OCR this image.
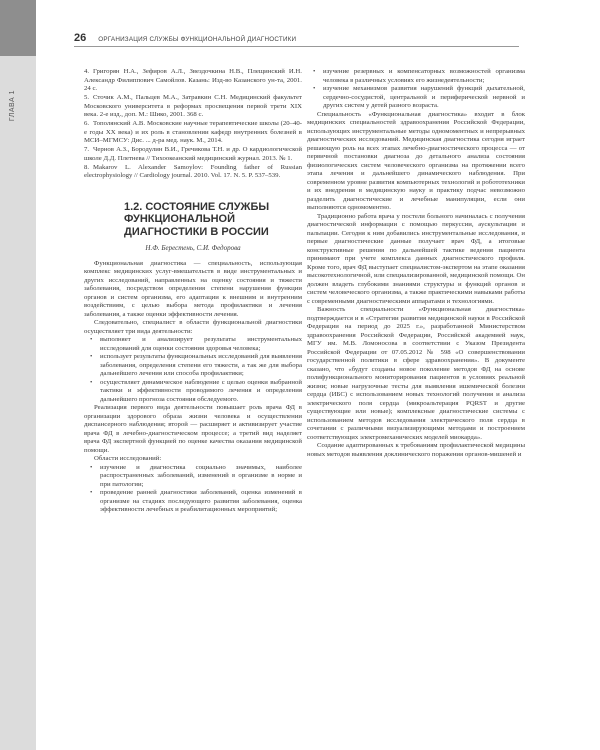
ГЛАВА 1
26 ОРГАНИЗАЦИЯ СЛУЖБЫ ФУНКЦИОНАЛЬНОЙ ДИАГНОСТИКИ
4. Григорян Н.А., Зефиров А.Л., Звездочкина Н.В., Плещинский И.Н. Александр Филиппович Самойлов. Казань: Изд-во Казанского ун-та, 2001. 24 с.
5. Сточик А.М., Пальцев М.А., Затравкин С.Н. Медицинский факультет Московского университета в реформах просвещения первой трети XIX века. 2-е изд., доп. М.: Шико, 2001. 368 с.
6. Тополянский А.В. Московские научные терапевтические школы (20–40-е годы XX века) и их роль в становлении кафедр внутренних болезней в МСИ–МГМСУ: Дис. ... д-ра мед. наук. М., 2014.
7. Чернов А.З., Бородулин В.И., Гречикова Т.Н. и др. О кардиологической школе Д.Д. Плетнева // Тихоокеанский медицинский журнал. 2013. № 1.
8. Makarov L. Alexander Samoylov: Founding father of Russian electrophysiology // Cardiology journal. 2010. Vol. 17. N. 5. P. 537–539.
1.2. СОСТОЯНИЕ СЛУЖБЫ ФУНКЦИОНАЛЬНОЙ ДИАГНОСТИКИ В РОССИИ
Н.Ф. Берестень, С.И. Федорова

Функциональная диагностика — специальность, использующая комплекс медицинских услуг-вмешательств в виде инструментальных и других исследований, направленных на оценку состояния и тяжести заболевания, посредством определения степени нарушения функции органов и систем организма, его адаптации к внешним и внутренним воздействиям, с целью выбора метода профилактики и лечения заболевания, а также оценки эффективности лечения.

Следовательно, специалист в области функциональной диагностики осуществляет три вида деятельности:

• выполняет и анализирует результаты инструментальных исследований для оценки состояния здоровья человека;
• использует результаты функциональных исследований для выявления заболевания, определения степени его тяжести, а так же для выбора дальнейшего лечения или способа профилактики;
• осуществляет динамическое наблюдение с целью оценки выбранной тактики и эффективности проводимого лечения и определения дальнейшего прогноза состояния обследуемого.

Реализация первого вида деятельности повышает роль врача ФД в организации здорового образа жизни человека и осуществлении диспансерного наблюдения; второй — расширяет и активизирует участие врача ФД в лечебно-диагностическом процессе; а третий вид наделяет врача ФД экспертной функцией по оценке качества оказания медицинской помощи.

Области исследований:

• изучение и диагностика социально значимых, наиболее распространенных заболеваний, изменений в организме в норме и при патологии;
• проведение ранней диагностики заболеваний, оценка изменений в организме на стадиях последующего развития заболевания, оценка эффективности лечебных и реабилитационных мероприятий;
• изучение резервных и компенсаторных возможностей организма человека в различных условиях его жизнедеятельности;
• изучение механизмов развития нарушений функций дыхательной, сердечно-сосудистой, центральной и периферической нервной и других систем у детей разного возраста.

Специальность «Функциональная диагностика» входит в блок медицинских специальностей здравоохранения Российской Федерации, использующих инструментальные методы одномоментных и непрерывных диагностических исследований. Медицинская диагностика сегодня играет решающую роль на всех этапах лечебно-диагностического процесса — от первичной постановки диагноза до детального анализа состояния физиологических систем человеческого организма на протяжении всего этапа лечения и дальнейшего динамического наблюдения. При современном уровне развития компьютерных технологий и робототехники и их внедрения в медицинскую науку и практику подчас невозможно разделить диагностические и лечебные манипуляции, если они выполняются одномоментно.

Традиционно работа врача у постели больного начиналась с получения диагностической информации с помощью перкуссии, аускультации и пальпации. Сегодня к ним добавились инструментальные исследования, и первые диагностические данные получает врач ФД, а итоговые конструктивные решения по дальнейшей тактике ведения пациента принимают при учете комплекса данных диагностического профиля. Кроме того, врач ФД выступает специалистом-экспертом на этапе оказания высокотехнологичной, или специализированной, медицинской помощи. Он должен владеть глубокими знаниями структуры и функций органов и систем человеческого организма, а также практическими навыками работы с современными диагностическими аппаратами и технологиями.

Важность специальности «Функциональная диагностика» подтверждается и в «Стратегии развития медицинской науки в Российской Федерации на период до 2025 г.», разработанной Министерством здравоохранения Российской Федерации, Российской академией наук, МГУ им. М.В. Ломоносова в соответствии с Указом Президента Российской Федерации от 07.05.2012 № 598 «О совершенствовании государственной политики в сфере здравоохранения». В документе сказано, что «будут созданы новое поколение методов ФД на основе полифункционального мониторирования пациентов в условиях реальной жизни; новые нагрузочные тесты для выявления ишемической болезни сердца (ИБС) с использованием новых технологий получения и анализа электрического поля сердца (микроальтерация PQRST и другие существующие или новые); комплексные диагностические системы с использованием методов исследования электрического поля сердца в сочетании с различными визуализирующими методами и построением соответствующих электромеханических моделей миокарда».

Создание адаптированных к требованиям профилактической медицины новых методов выявления доклинического поражения органов-мишеней и
